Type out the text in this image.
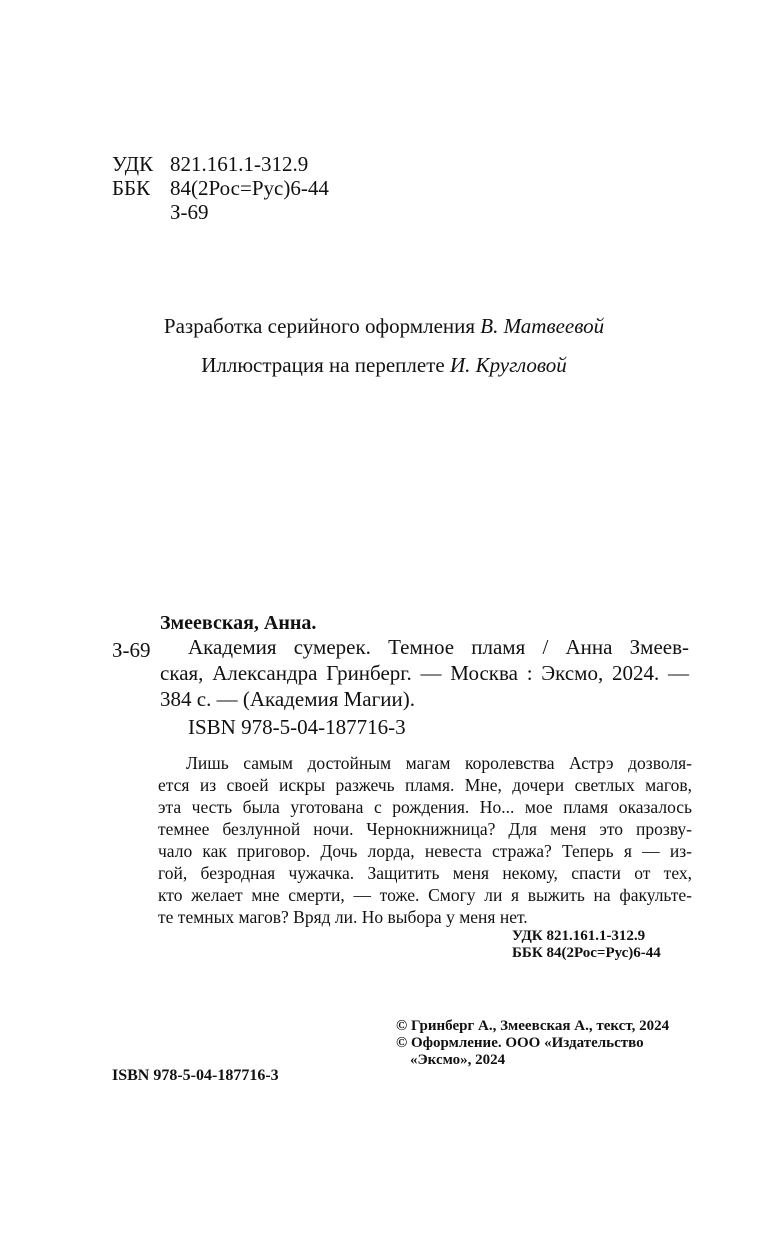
УДК 821.161.1-312.9
ББК 84(2Рос=Рус)6-44
З-69
Разработка серийного оформления В. Матвеевой
Иллюстрация на переплете И. Кругловой
Змеевская, Анна.
З-69	Академия сумерек. Темное пламя / Анна Змеев-
ская, Александра Гринберг. — Москва : Эксмо, 2024. —
384 с. — (Академия Магии).
ISBN 978-5-04-187716-3
Лишь самым достойным магам королевства Астрэ дозволя-
ется из своей искры разжечь пламя. Мне, дочери светлых магов,
эта честь была уготована с рождения. Но... мое пламя оказалось
темнее безлунной ночи. Чернокнижница? Для меня это прозву-
чало как приговор. Дочь лорда, невеста стража? Теперь я — из-
гой, безродная чужачка. Защитить меня некому, спасти от тех,
кто желает мне смерти, — тоже. Смогу ли я выжить на факульте-
те темных магов? Вряд ли. Но выбора у меня нет.
УДК 821.161.1-312.9
ББК 84(2Рос=Рус)6-44
© Гринберг А., Змеевская А., текст, 2024
© Оформление. ООО «Издательство «Эксмо», 2024
ISBN 978-5-04-187716-3
